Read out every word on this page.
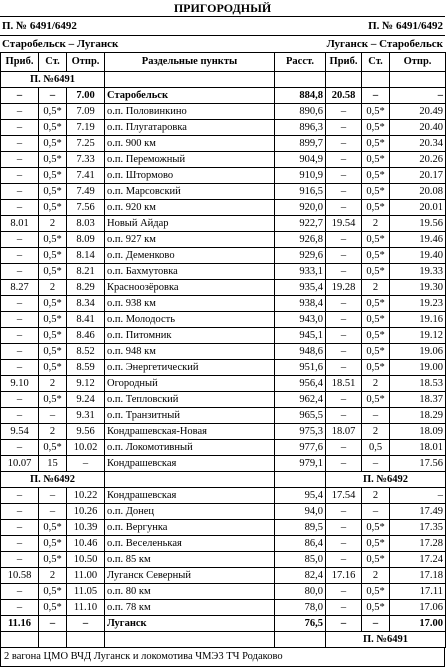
ПРИГОРОДНЫЙ
П. № 6491/6492	П. № 6491/6492
Старобельск – Луганск	Луганск – Старобельск
Приб.	Ст.	Отпр.	Раздельные пункты	Расст.	Приб.	Ст.	Отпр.
П. №6491							
–	–	7.00	Старобельск	884,8	20.58	–	–
–	0,5*	7.09	о.п. Половинкино	890,6	–	0,5*	20.49
–	0,5*	7.19	о.п. Плугатаровка	896,3	–	0,5*	20.40
–	0,5*	7.25	о.п. 900 км	899,7	–	0,5*	20.34
–	0,5*	7.33	о.п. Переможный	904,9	–	0,5*	20.26
–	0,5*	7.41	о.п. Штормово	910,9	–	0,5*	20.17
–	0,5*	7.49	о.п. Марсовский	916,5	–	0,5*	20.08
–	0,5*	7.56	о.п. 920 км	920,0	–	0,5*	20.01
8.01	2	8.03	Новый Айдар	922,7	19.54	2	19.56
–	0,5*	8.09	о.п. 927 км	926,8	–	0,5*	19.46
–	0,5*	8.14	о.п. Деменково	929,6	–	0,5*	19.40
–	0,5*	8.21	о.п. Бахмутовка	933,1	–	0,5*	19.33
8.27	2	8.29	Красноозëровка	935,4	19.28	2	19.30
–	0,5*	8.34	о.п. 938 км	938,4	–	0,5*	19.23
–	0,5*	8.41	о.п. Молодость	943,0	–	0,5*	19.16
–	0,5*	8.46	о.п. Питомник	945,1	–	0,5*	19.12
–	0,5*	8.52	о.п. 948 км	948,6	–	0,5*	19.06
–	0,5*	8.59	о.п. Энергетический	951,6	–	0,5*	19.00
9.10	2	9.12	Огородный	956,4	18.51	2	18.53
–	0,5*	9.24	о.п. Тепловский	962,4	–	0,5*	18.37
–	–	9.31	о.п. Транзитный	965,5	–	–	18.29
9.54	2	9.56	Кондрашевская-Новая	975,3	18.07	2	18.09
–	0,5*	10.02	о.п. Локомотивный	977,6	–	0,5	18.01
10.07	15	–	Кондрашевская	979,1	–	–	17.56
П. №6492					П. №6492		
–	–	10.22	Кондрашевская	95,4	17.54	2	–
–	–	10.26	о.п. Донец	94,0	–	–	17.49
–	0,5*	10.39	о.п. Вергунка	89,5	–	0,5*	17.35
–	0,5*	10.46	о.п. Веселенькая	86,4	–	0,5*	17.28
–	0,5*	10.50	о.п. 85 км	85,0	–	0,5*	17.24
10.58	2	11.00	Луганск Северный	82,4	17.16	2	17.18
–	0,5*	11.05	о.п. 80 км	80,0	–	0,5*	17.11
–	0,5*	11.10	о.п. 78 км	78,0	–	0,5*	17.06
11.16	–	–	Луганск	76,5	–	–	17.00
					П. №6491		
2 вагона ЦМО ВЧД Луганск и локомотива ЧМЭ3 ТЧ Родаково
